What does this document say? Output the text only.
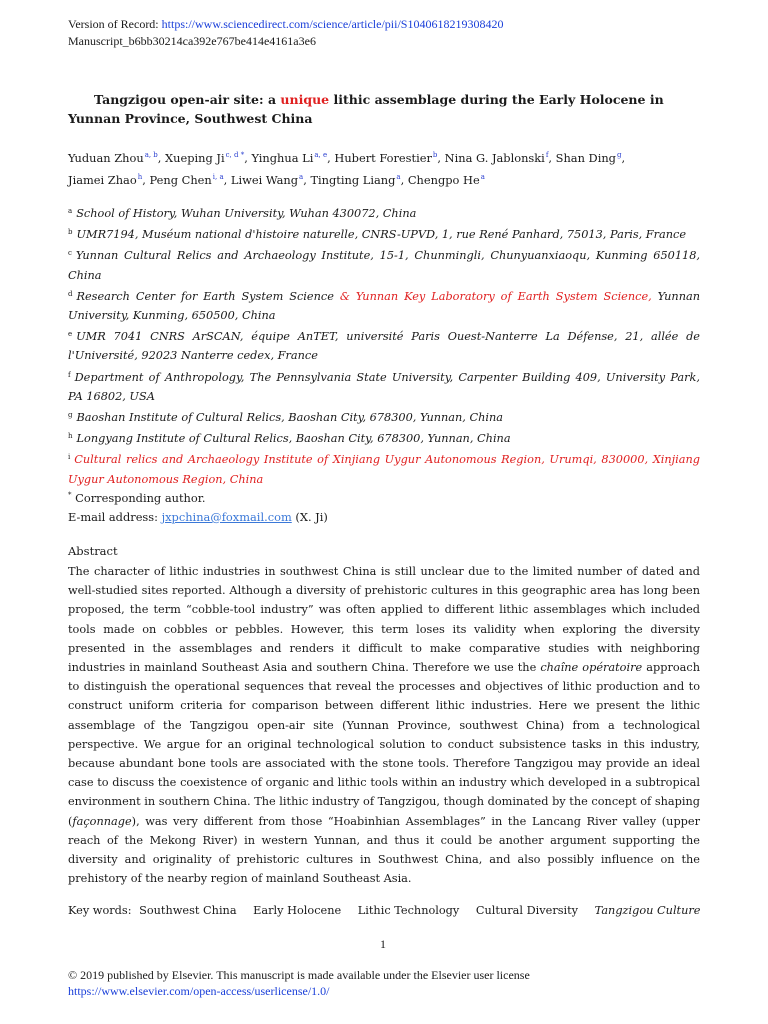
Version of Record: https://www.sciencedirect.com/science/article/pii/S1040618219308420
Manuscript_b6bb30214ca392e767be414e4161a3e6
Tangzigou open-air site: a unique lithic assemblage during the Early Holocene in Yunnan Province, Southwest China
Yuduan Zhou$^{a, b}$, Xueping Ji$^{c, d *}$, Yinghua Li$^{a, e}$, Hubert Forestier$^b$, Nina G. Jablonski$^f$, Shan Ding$^g$,
Jiamei Zhao$^h$, Peng Chen$^{i, a}$, Liwei Wang$^a$, Tingting Liang$^a$, Chengpo He$^a$
$^a$ School of History, Wuhan University, Wuhan 430072, China
$^b$ UMR7194, Muséum national d'histoire naturelle, CNRS-UPVD, 1, rue René Panhard, 75013, Paris, France
$^c$ Yunnan Cultural Relics and Archaeology Institute, 15-1, Chunmingli, Chunyuanxiaoqu, Kunming 650118, China
$^d$ Research Center for Earth System Science & Yunnan Key Laboratory of Earth System Science, Yunnan University, Kunming, 650500, China
$^e$ UMR 7041 CNRS ArSCAN, équipe AnTET, université Paris Ouest-Nanterre La Défense, 21, allée de l'Université, 92023 Nanterre cedex, France
$^f$ Department of Anthropology, The Pennsylvania State University, Carpenter Building 409, University Park, PA 16802, USA
$^g$ Baoshan Institute of Cultural Relics, Baoshan City, 678300, Yunnan, China
$^h$ Longyang Institute of Cultural Relics, Baoshan City, 678300, Yunnan, China
$^i$ Cultural relics and Archaeology Institute of Xinjiang Uygur Autonomous Region, Urumqi, 830000, Xinjiang Uygur Autonomous Region, China
* Corresponding author.
E-mail address: jxpchina@foxmail.com (X. Ji)
Abstract
The character of lithic industries in southwest China is still unclear due to the limited number of dated and well-studied sites reported. Although a diversity of prehistoric cultures in this geographic area has long been proposed, the term “cobble-tool industry” was often applied to different lithic assemblages which included tools made on cobbles or pebbles. However, this term loses its validity when exploring the diversity presented in the assemblages and renders it difficult to make comparative studies with neighboring industries in mainland Southeast Asia and southern China. Therefore we use the chaîne opératoire approach to distinguish the operational sequences that reveal the processes and objectives of lithic production and to construct uniform criteria for comparison between different lithic industries. Here we present the lithic assemblage of the Tangzigou open-air site (Yunnan Province, southwest China) from a technological perspective. We argue for an original technological solution to conduct subsistence tasks in this industry, because abundant bone tools are associated with the stone tools. Therefore Tangzigou may provide an ideal case to discuss the coexistence of organic and lithic tools within an industry which developed in a subtropical environment in southern China. The lithic industry of Tangzigou, though dominated by the concept of shaping (façonnage), was very different from those “Hoabinhian Assemblages” in the Lancang River valley (upper reach of the Mekong River) in western Yunnan, and thus it could be another argument supporting the diversity and originality of prehistoric cultures in Southwest China, and also possibly influence on the prehistory of the nearby region of mainland Southeast Asia.
Key words: Southwest China Early Holocene Lithic Technology Cultural Diversity Tangzigou Culture
1
© 2019 published by Elsevier. This manuscript is made available under the Elsevier user license
https://www.elsevier.com/open-access/userlicense/1.0/
